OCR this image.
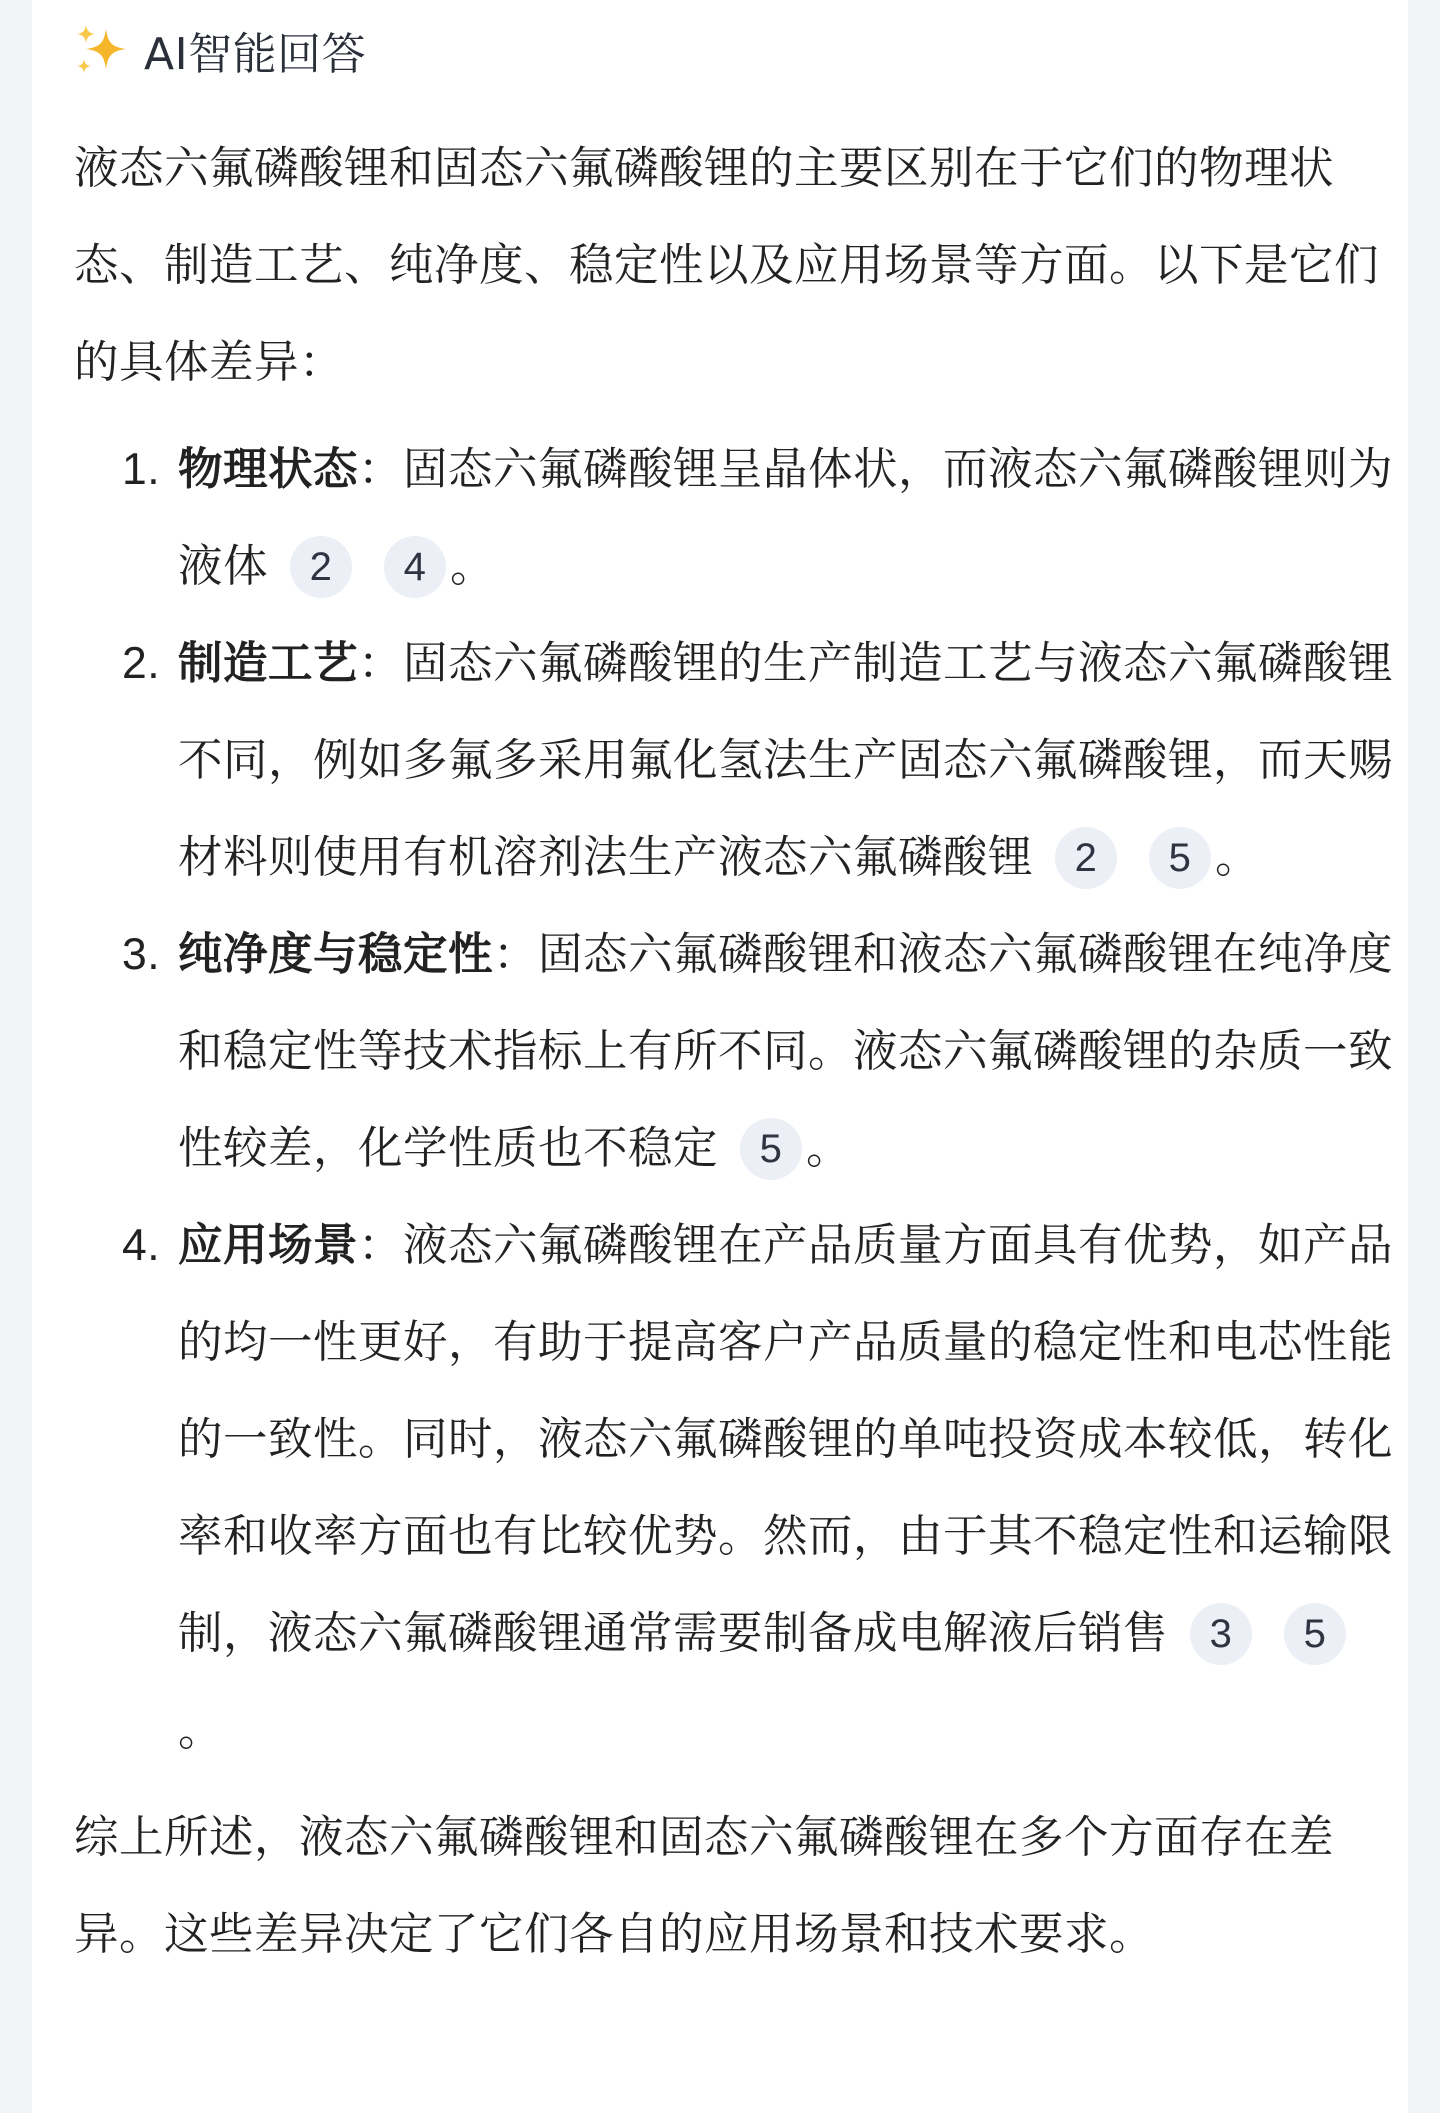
AI智能回答

液态六氟磷酸锂和固态六氟磷酸锂的主要区别在于它们的物理状态、制造工艺、纯净度、稳定性以及应用场景等方面。以下是它们的具体差异：

1. 物理状态：固态六氟磷酸锂呈晶体状，而液态六氟磷酸锂则为液体 2 4 。
2. 制造工艺：固态六氟磷酸锂的生产制造工艺与液态六氟磷酸锂不同，例如多氟多采用氟化氢法生产固态六氟磷酸锂，而天赐材料则使用有机溶剂法生产液态六氟磷酸锂 2 5 。
3. 纯净度与稳定性：固态六氟磷酸锂和液态六氟磷酸锂在纯净度和稳定性等技术指标上有所不同。液态六氟磷酸锂的杂质一致性较差，化学性质也不稳定 5 。
4. 应用场景：液态六氟磷酸锂在产品质量方面具有优势，如产品的均一性更好，有助于提高客户产品质量的稳定性和电芯性能的一致性。同时，液态六氟磷酸锂的单吨投资成本较低，转化率和收率方面也有比较优势。然而，由于其不稳定性和运输限制，液态六氟磷酸锂通常需要制备成电解液后销售 3 5。

综上所述，液态六氟磷酸锂和固态六氟磷酸锂在多个方面存在差异。这些差异决定了它们各自的应用场景和技术要求。
